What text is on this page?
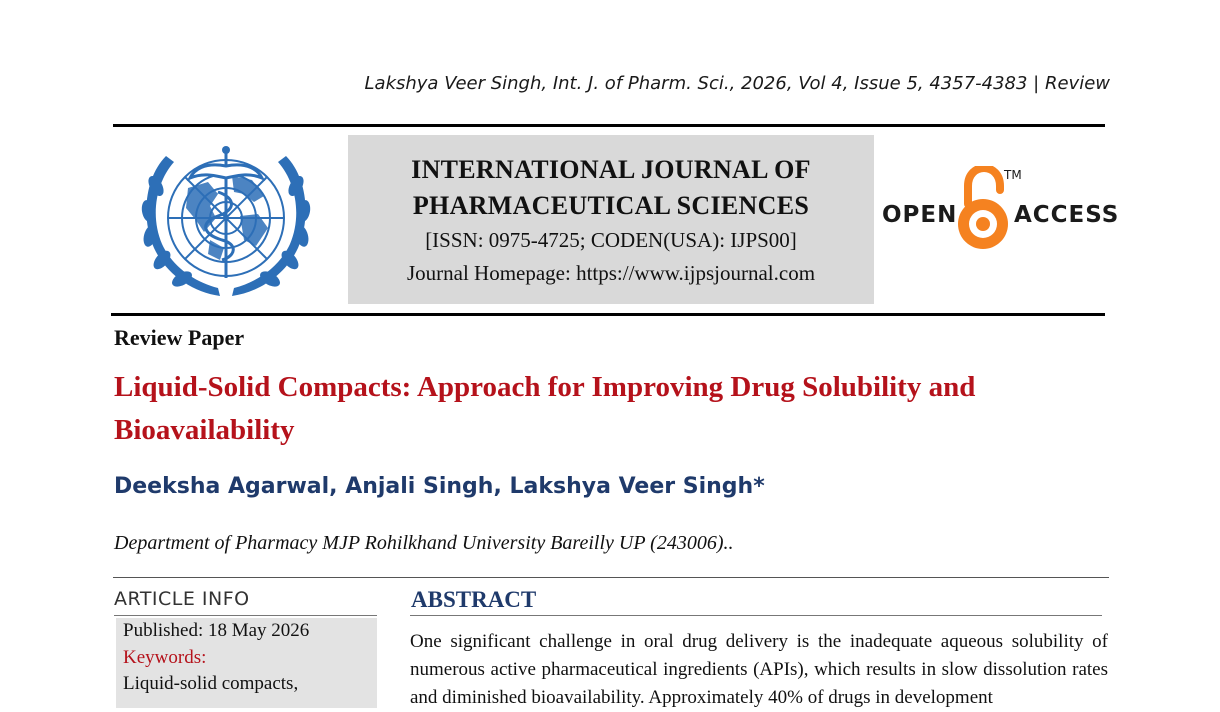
Lakshya Veer Singh, Int. J. of Pharm. Sci., 2026, Vol 4, Issue 5, 4357-4383 | Review
INTERNATIONAL JOURNAL OF
PHARMACEUTICAL SCIENCES
[ISSN: 0975-4725; CODEN(USA): IJPS00]
Journal Homepage: https://www.ijpsjournal.com
OPEN
TM
ACCESS
Review Paper
Liquid-Solid Compacts: Approach for Improving Drug Solubility and Bioavailability
Deeksha Agarwal, Anjali Singh, Lakshya Veer Singh*
Department of Pharmacy MJP Rohilkhand University Bareilly UP (243006)..
ARTICLE INFO
Published: 18 May 2026
Keywords:
Liquid-solid compacts,
ABSTRACT
One significant challenge in oral drug delivery is the inadequate aqueous solubility of numerous active pharmaceutical ingredients (APIs), which results in slow dissolution rates and diminished bioavailability. Approximately 40% of drugs in development
